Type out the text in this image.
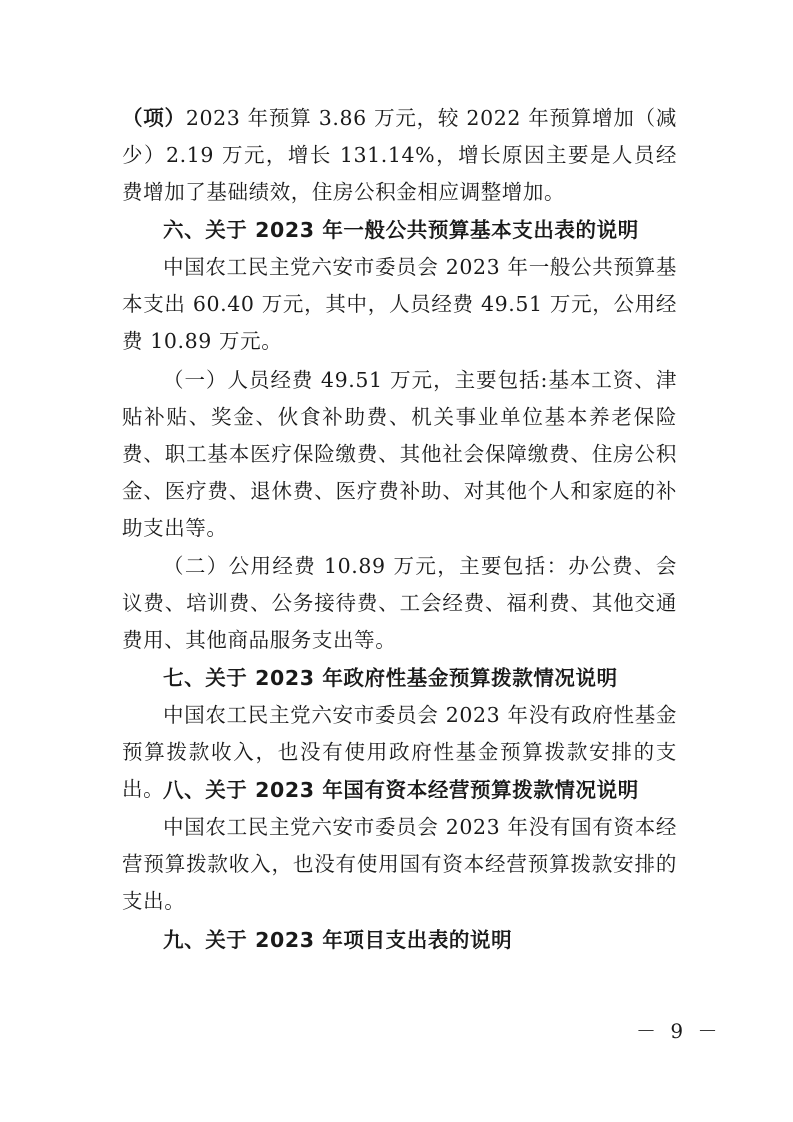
（项）2023 年预算 3.86 万元，较 2022 年预算增加（减少）2.19 万元，增长 131.14%，增长原因主要是人员经费增加了基础绩效，住房公积金相应调整增加。

六、关于 2023 年一般公共预算基本支出表的说明

中国农工民主党六安市委员会 2023 年一般公共预算基本支出 60.40 万元，其中，人员经费 49.51 万元，公用经费 10.89 万元。

（一）人员经费 49.51 万元，主要包括:基本工资、津贴补贴、奖金、伙食补助费、机关事业单位基本养老保险费、职工基本医疗保险缴费、其他社会保障缴费、住房公积金、医疗费、退休费、医疗费补助、对其他个人和家庭的补助支出等。

（二）公用经费 10.89 万元，主要包括：办公费、会议费、培训费、公务接待费、工会经费、福利费、其他交通费用、其他商品服务支出等。

七、关于 2023 年政府性基金预算拨款情况说明

中国农工民主党六安市委员会 2023 年没有政府性基金预算拨款收入，也没有使用政府性基金预算拨款安排的支出。

八、关于 2023 年国有资本经营预算拨款情况说明

中国农工民主党六安市委员会 2023 年没有国有资本经营预算拨款收入，也没有使用国有资本经营预算拨款安排的支出。

九、关于 2023 年项目支出表的说明
－ 9 －
